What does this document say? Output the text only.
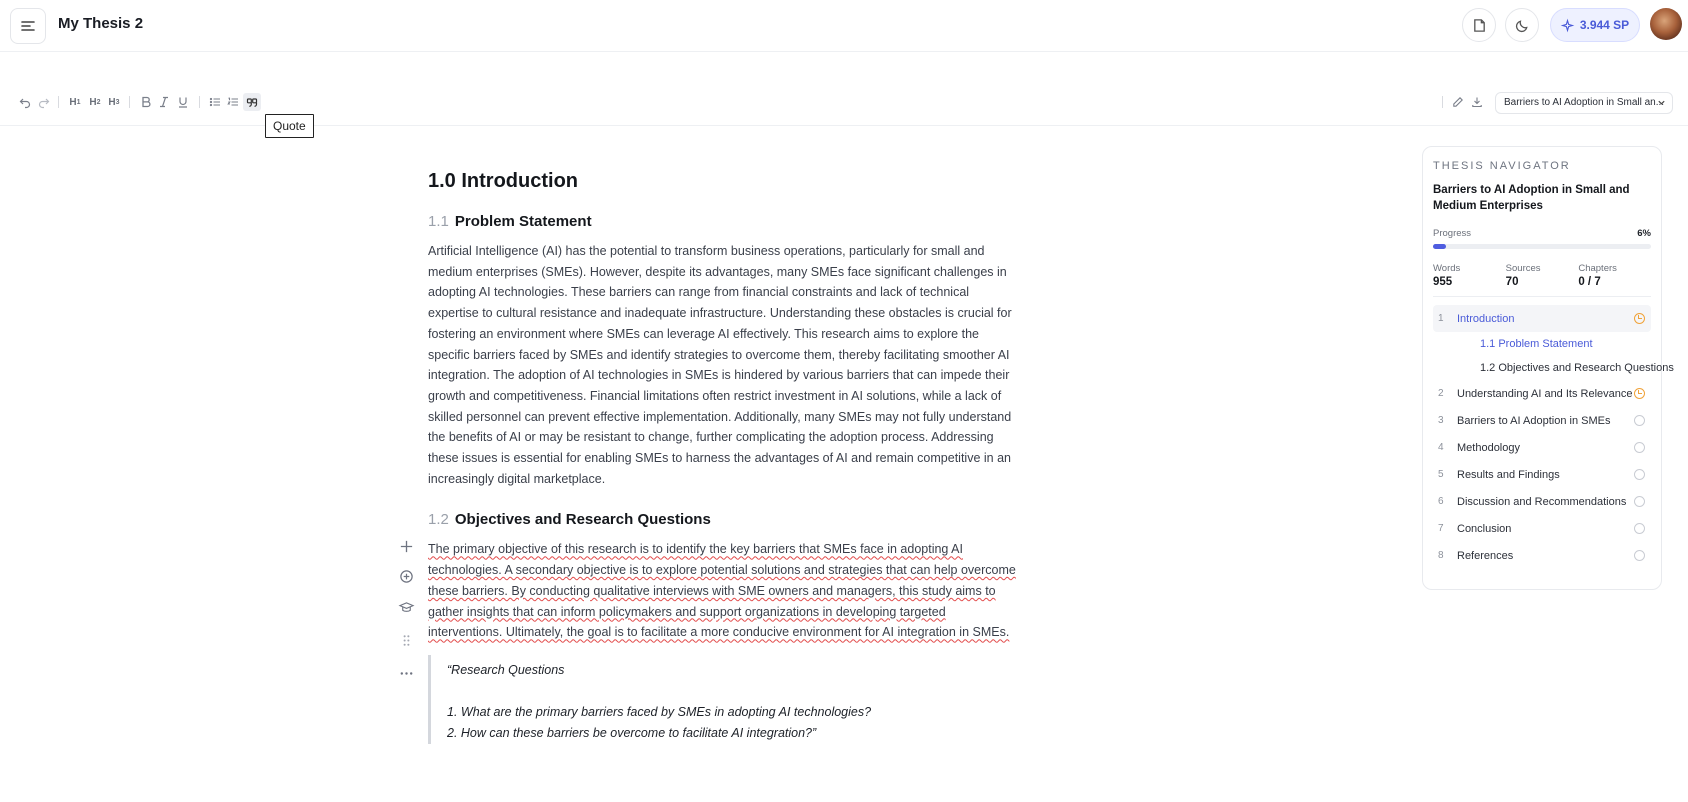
My Thesis 2	3.944 SP
H 1 H 2 H 3
Quote
Barriers to AI Adoption in Small an...
1.0 Introduction
1.1 Problem Statement
Artificial Intelligence (AI) has the potential to transform business operations, particularly for small and medium enterprises (SMEs). However, despite its advantages, many SMEs face significant challenges in adopting AI technologies. These barriers can range from financial constraints and lack of technical expertise to cultural resistance and inadequate infrastructure. Understanding these obstacles is crucial for fostering an environment where SMEs can leverage AI effectively. This research aims to explore the specific barriers faced by SMEs and identify strategies to overcome them, thereby facilitating smoother AI integration. The adoption of AI technologies in SMEs is hindered by various barriers that can impede their growth and competitiveness. Financial limitations often restrict investment in AI solutions, while a lack of skilled personnel can prevent effective implementation. Additionally, many SMEs may not fully understand the benefits of AI or may be resistant to change, further complicating the adoption process. Addressing these issues is essential for enabling SMEs to harness the advantages of AI and remain competitive in an increasingly digital marketplace.
1.2 Objectives and Research Questions
The primary objective of this research is to identify the key barriers that SMEs face in adopting AI technologies. A secondary objective is to explore potential solutions and strategies that can help overcome these barriers. By conducting qualitative interviews with SME owners and managers, this study aims to gather insights that can inform policymakers and support organizations in developing targeted interventions. Ultimately, the goal is to facilitate a more conducive environment for AI integration in SMEs.
“Research Questions
1. What are the primary barriers faced by SMEs in adopting AI technologies?
2. How can these barriers be overcome to facilitate AI integration?”
THESIS NAVIGATOR
Barriers to AI Adoption in Small and Medium Enterprises
Progress	6%
Words
955
Sources
70
Chapters
0 / 7
1	Introduction
1.1 Problem Statement
1.2 Objectives and Research Questions
2	Understanding AI and Its Relevance
3	Barriers to AI Adoption in SMEs
4	Methodology
5	Results and Findings
6	Discussion and Recommendations
7	Conclusion
8	References
